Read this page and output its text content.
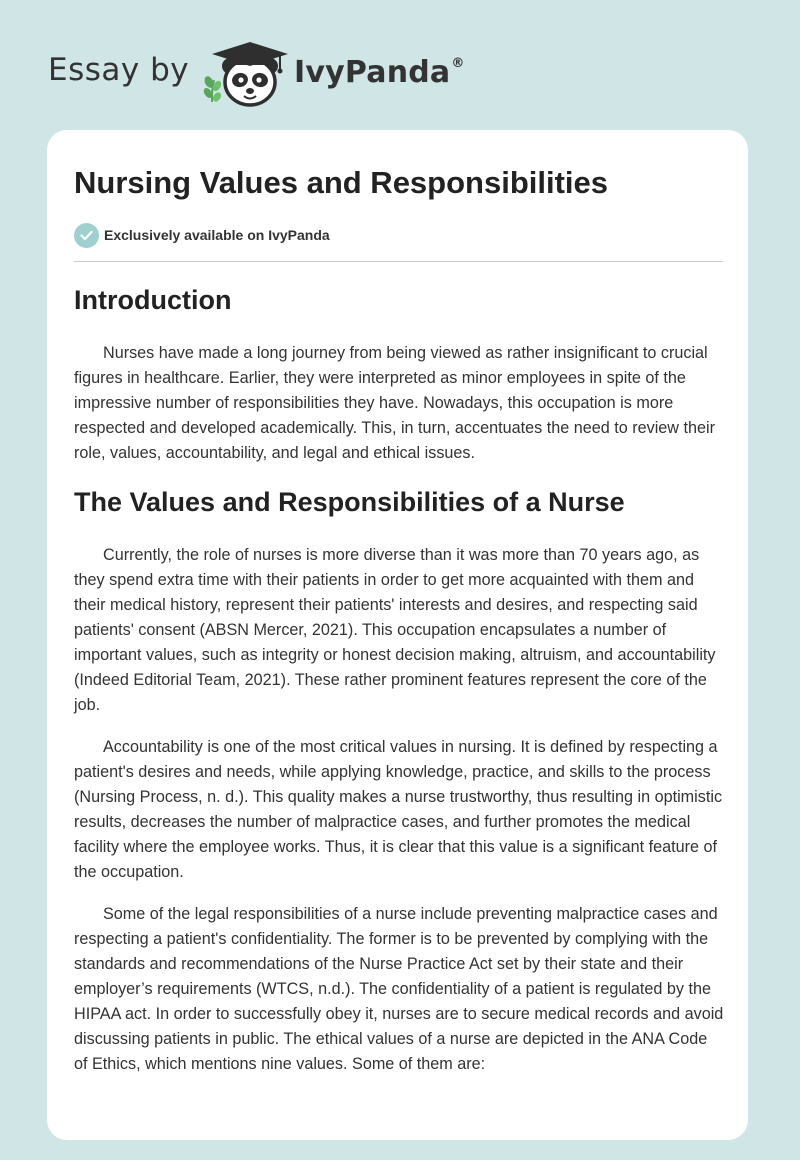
Essay by	IvyPanda®
Nursing Values and Responsibilities
Exclusively available on IvyPanda
Introduction

Nurses have made a long journey from being viewed as rather insignificant to crucial figures in healthcare. Earlier, they were interpreted as minor employees in spite of the impressive number of responsibilities they have. Nowadays, this occupation is more respected and developed academically. This, in turn, accentuates the need to review their role, values, accountability, and legal and ethical issues.

The Values and Responsibilities of a Nurse

Currently, the role of nurses is more diverse than it was more than 70 years ago, as they spend extra time with their patients in order to get more acquainted with them and their medical history, represent their patients' interests and desires, and respecting said patients' consent (ABSN Mercer, 2021). This occupation encapsulates a number of important values, such as integrity or honest decision making, altruism, and accountability (Indeed Editorial Team, 2021). These rather prominent features represent the core of the job.

Accountability is one of the most critical values in nursing. It is defined by respecting a patient's desires and needs, while applying knowledge, practice, and skills to the process (Nursing Process, n. d.). This quality makes a nurse trustworthy, thus resulting in optimistic results, decreases the number of malpractice cases, and further promotes the medical facility where the employee works. Thus, it is clear that this value is a significant feature of the occupation.

Some of the legal responsibilities of a nurse include preventing malpractice cases and respecting a patient's confidentiality. The former is to be prevented by complying with the standards and recommendations of the Nurse Practice Act set by their state and their employer’s requirements (WTCS, n.d.). The confidentiality of a patient is regulated by the HIPAA act. In order to successfully obey it, nurses are to secure medical records and avoid discussing patients in public. The ethical values of a nurse are depicted in the ANA Code of Ethics, which mentions nine values. Some of them are:
